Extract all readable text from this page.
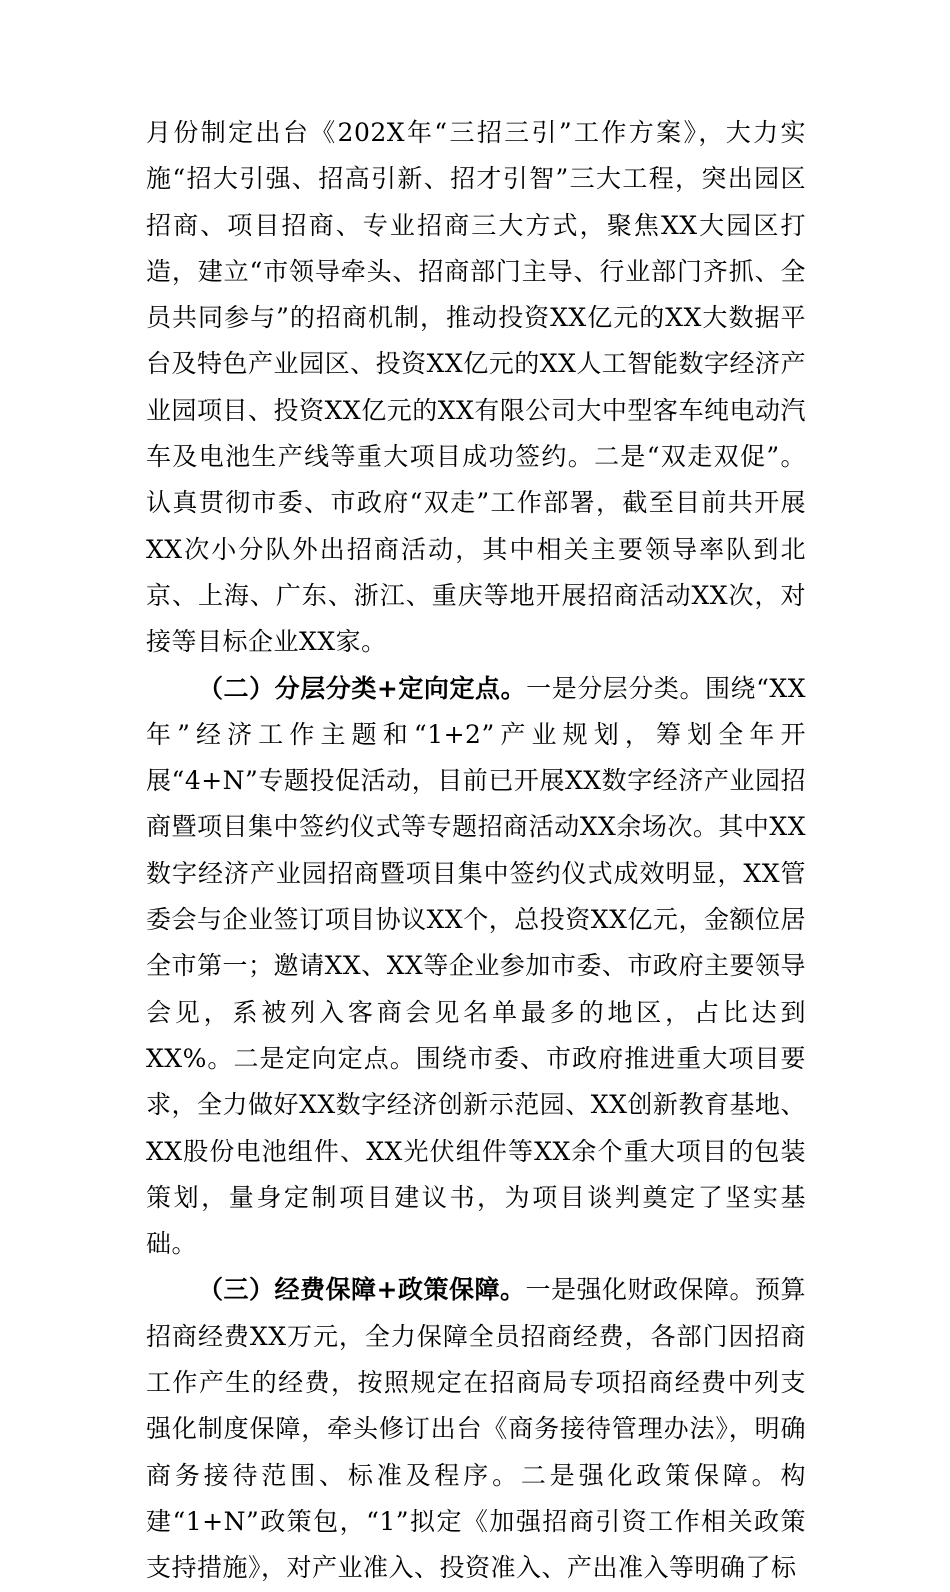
月份制定出台《202X年“三招三引”工作方案》，大力实施“招大引强、招高引新、招才引智”三大工程，突出园区招商、项目招商、专业招商三大方式，聚焦XX大园区打造，建立“市领导牵头、招商部门主导、行业部门齐抓、全员共同参与”的招商机制，推动投资XX亿元的XX大数据平台及特色产业园区、投资XX亿元的XX人工智能数字经济产业园项目、投资XX亿元的XX有限公司大中型客车纯电动汽车及电池生产线等重大项目成功签约。二是“双走双促”。认真贯彻市委、市政府“双走”工作部署，截至目前共开展XX次小分队外出招商活动，其中相关主要领导率队到北京、上海、广东、浙江、重庆等地开展招商活动XX次，对接等目标企业XX家。

（二）分层分类+定向定点。一是分层分类。围绕“XX年”经济工作主题和“1+2”产业规划，筹划全年开展“4+N”专题投促活动，目前已开展XX数字经济产业园招商暨项目集中签约仪式等专题招商活动XX余场次。其中XX数字经济产业园招商暨项目集中签约仪式成效明显，XX管委会与企业签订项目协议XX个，总投资XX亿元，金额位居全市第一；邀请XX、XX等企业参加市委、市政府主要领导会见，系被列入客商会见名单最多的地区，占比达到XX%。二是定向定点。围绕市委、市政府推进重大项目要求，全力做好XX数字经济创新示范园、XX创新教育基地、XX股份电池组件、XX光伏组件等XX余个重大项目的包装策划，量身定制项目建议书，为项目谈判奠定了坚实基础。

（三）经费保障+政策保障。一是强化财政保障。预算招商经费XX万元，全力保障全员招商经费，各部门因招商工作产生的经费，按照规定在招商局专项招商经费中列支强化制度保障，牵头修订出台《商务接待管理办法》，明确商务接待范围、标准及程序。二是强化政策保障。构建“1+N”政策包，“1”拟定《加强招商引资工作相关政策支持措施》，对产业准入、投资准入、产出准入等明确了标
